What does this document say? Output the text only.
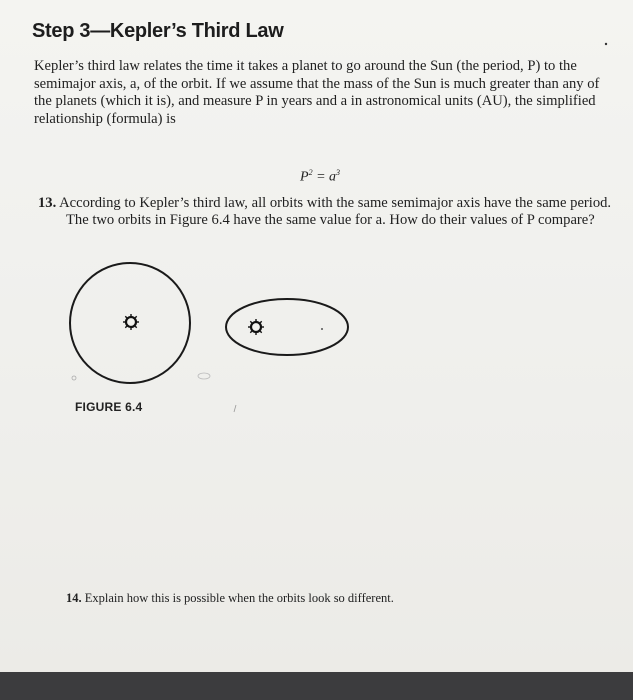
Step 3—Kepler’s Third Law
Kepler’s third law relates the time it takes a planet to go around the Sun (the period, P) to the
semimajor axis, a, of the orbit. If we assume that the mass of the Sun is much greater than any of
the planets (which it is), and measure P in years and a in astronomical units (AU), the simplified
relationship (formula) is
$P^2 = a^3$
13. According to Kepler’s third law, all orbits with the same semimajor axis have the same period.
The two orbits in Figure 6.4 have the same value for a. How do their values of P compare?
FIGURE 6.4
14. Explain how this is possible when the orbits look so different.
